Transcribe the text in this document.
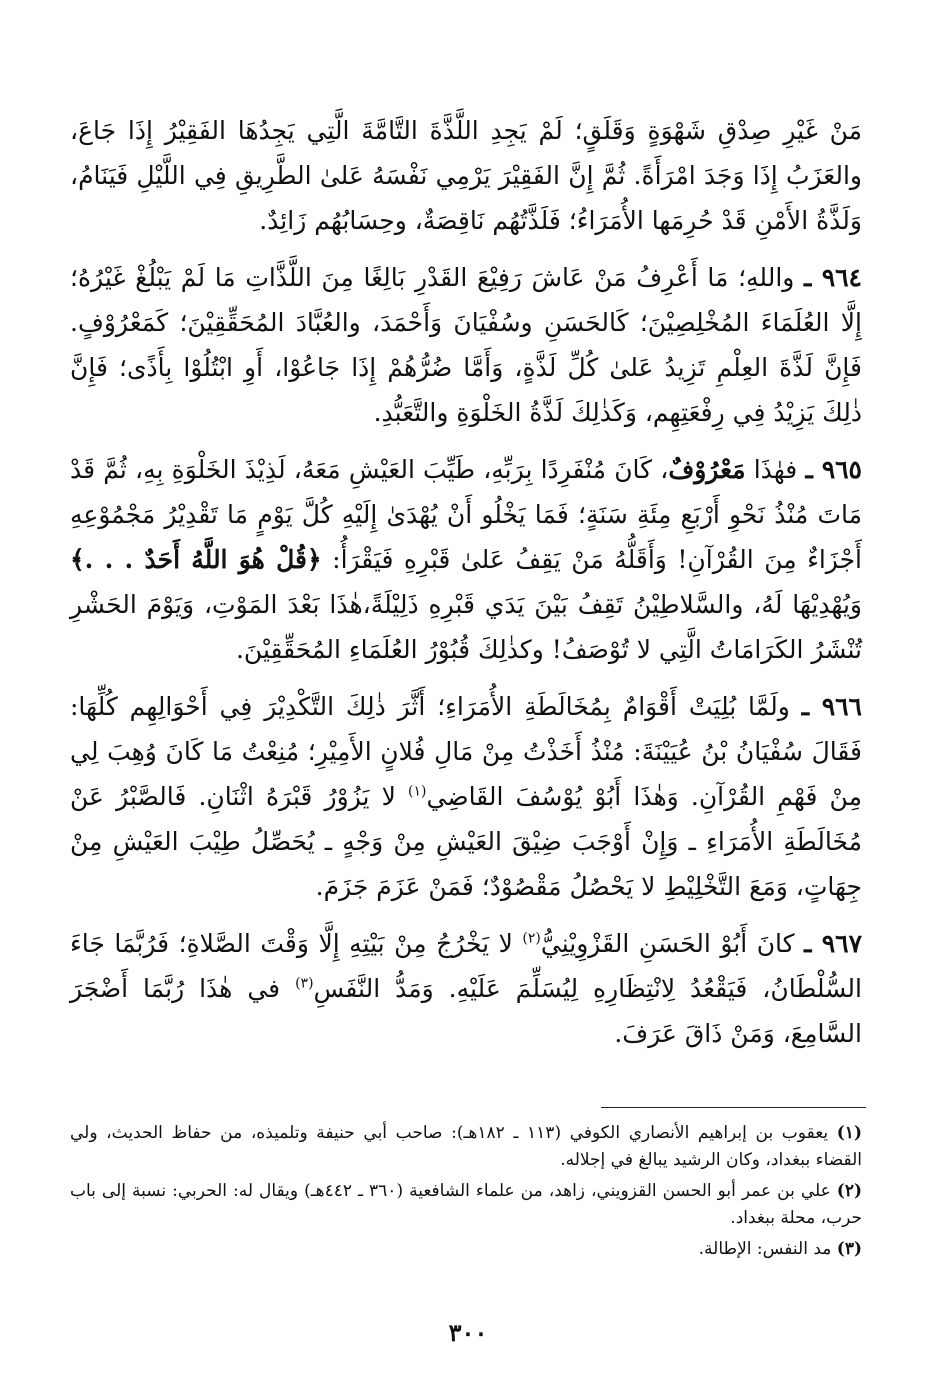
مَنْ غَيْرِ صِدْقِ شَهْوَةٍ وَقَلَقٍ؛ لَمْ يَجِدِ اللَّذَّةَ التَّامَّةَ الَّتِي يَجِدُهَا الفَقِيْرُ إِذَا جَاعَ، والعَزَبُ إِذَا وَجَدَ امْرَأَةً. ثُمَّ إِنَّ الفَقِيْرَ يَرْمِي نَفْسَهُ عَلىٰ الطَّرِيقِ فِي اللَّيْلِ فَيَنَامُ، وَلَذَّةُ الأَمْنِ قَدْ حُرِمَها الأُمَرَاءُ؛ فَلَذَّتُهُم نَاقِصَةٌ، وحِسَابُهُم زَائِدٌ.

٩٦٤ ـ واللهِ؛ مَا أَعْرِفُ مَنْ عَاشَ رَفِيْعَ القَدْرِ بَالِغًا مِنَ اللَّذَّاتِ مَا لَمْ يَبْلُغْ غَيْرُهُ؛ إِلَّا العُلَمَاءَ المُخْلِصِيْنَ؛ كَالحَسَنِ وسُفْيَانَ وَأَحْمَدَ، والعُبَّادَ المُحَقِّقِيْنَ؛ كَمَعْرُوْفٍ. فَإِنَّ لَذَّةَ العِلْمِ تَزِيدُ عَلىٰ كُلِّ لَذَّةٍ، وَأَمَّا ضُرُّهُمْ إِذَا جَاعُوْا، أَوِ ابْتُلُوْا بِأَذًى؛ فَإِنَّ ذٰلِكَ يَزِيْدُ فِي رِفْعَتِهِم، وَكَذٰلِكَ لَذَّةُ الخَلْوَةِ والتَّعَبُّدِ.

٩٦٥ ـ فهٰذَا مَعْرُوْفٌ، كَانَ مُنْفَرِدًا بِرَبِّهِ، طَيِّبَ العَيْشِ مَعَهُ، لَذِيْذَ الخَلْوَةِ بِهِ، ثُمَّ قَدْ مَاتَ مُنْذُ نَحْوِ أَرْبَعِ مِئَةِ سَنَةٍ؛ فَمَا يَخْلُو أَنْ يُهْدَىٰ إِلَيْهِ كُلَّ يَوْمٍ مَا تَقْدِيْرُ مَجْمُوْعِهِ أَجْزَاءٌ مِنَ القُرْآنِ! وَأَقَلُّهُ مَنْ يَقِفُ عَلىٰ قَبْرِهِ فَيَقْرَأُ: ﴿قُلْ هُوَ اللَّهُ أَحَدٌ . . .﴾ وَيُهْدِيْهَا لَهُ، والسَّلاطِيْنُ تَقِفُ بَيْنَ يَدَي قَبْرِهِ ذَلِيْلَةً،هٰذَا بَعْدَ المَوْتِ، وَيَوْمَ الحَشْرِ تُنْشَرُ الكَرَامَاتُ الَّتِي لا تُوْصَفُ! وكذٰلِكَ قُبُوْرُ العُلَمَاءِ المُحَقِّقِيْنَ.

٩٦٦ ـ ولَمَّا بُلِيَتْ أَقْوَامٌ بِمُخَالَطَةِ الأُمَرَاءِ؛ أَثَّرَ ذٰلِكَ التَّكْدِيْرَ فِي أَحْوَالِهِم كُلِّهَا: فَقَالَ سُفْيَانُ بْنُ عُيَيْنَةَ: مُنْذُ أَخَذْتُ مِنْ مَالِ فُلانٍ الأَمِيْرِ؛ مُنِعْتُ مَا كَانَ وُهِبَ لِي مِنْ فَهْمِ القُرْآنِ. وَهٰذَا أَبُوْ يُوْسُفَ القَاضِي$^{(١)}$ لا يَزُوْرُ قَبْرَهُ اثْنَانِ. فَالصَّبْرُ عَنْ مُخَالَطَةِ الأُمَرَاءِ ـ وَإِنْ أَوْجَبَ ضِيْقَ العَيْشِ مِنْ وَجْهٍ ـ يُحَصِّلُ طِيْبَ العَيْشِ مِنْ جِهَاتٍ، وَمَعَ التَّخْلِيْطِ لا يَحْصُلُ مَقْصُوْدٌ؛ فَمَنْ عَزَمَ جَزَمَ.

٩٦٧ ـ كانَ أَبُوْ الحَسَنِ القَزْوِيْنِيُّ$^{(٢)}$ لا يَخْرُجُ مِنْ بَيْتِهِ إِلَّا وَقْتَ الصَّلاةِ؛ فَرُبَّمَا جَاءَ السُّلْطَانُ، فَيَقْعُدُ لِانْتِظَارِهِ لِيُسَلِّمَ عَلَيْهِ. وَمَدُّ النَّفَسِ$^{(٣)}$ في هٰذَا رُبَّمَا أَضْجَرَ السَّامِعَ، وَمَنْ ذَاقَ عَرَفَ.

(١) يعقوب بن إبراهيم الأنصاري الكوفي (١١٣ ـ ١٨٢هـ): صاحب أبي حنيفة وتلميذه، من حفاظ الحديث، ولي القضاء ببغداد، وكان الرشيد يبالغ في إجلاله.

(٢) علي بن عمر أبو الحسن القزويني، زاهد، من علماء الشافعية (٣٦٠ ـ ٤٤٢هـ) ويقال له: الحربي: نسبة إلى باب حرب، محلة ببغداد.

(٣) مد النفس: الإطالة.

٣٠٠
